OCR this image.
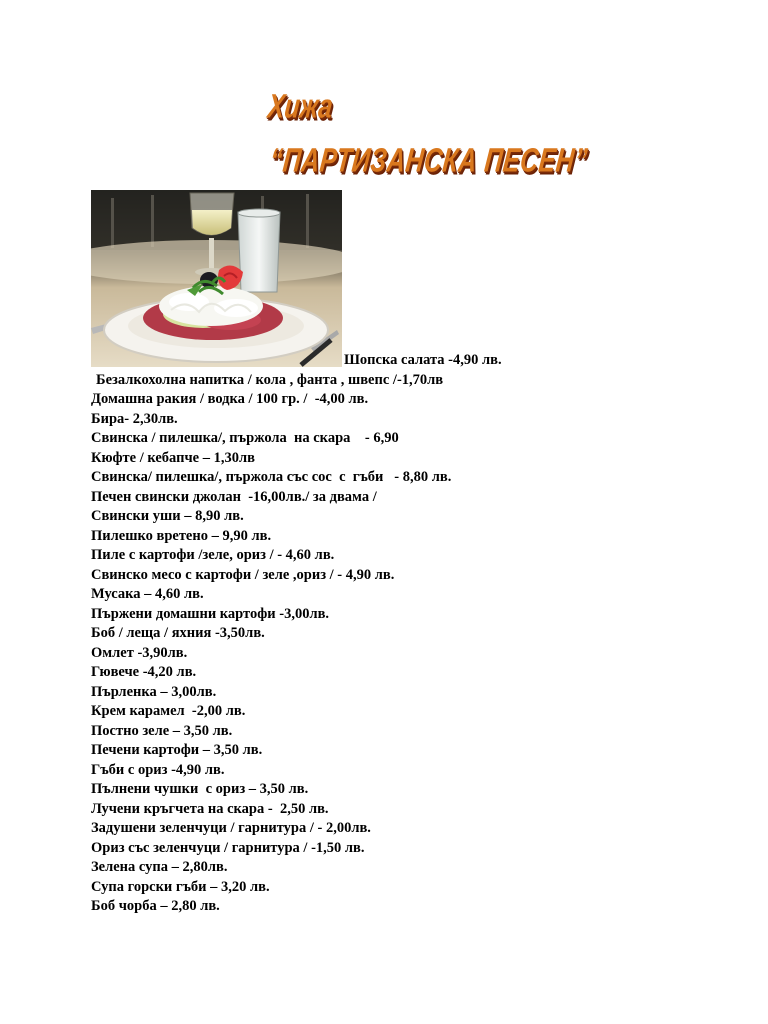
Хижа
“ПАРТИЗАНСКА ПЕСЕН”
Шопска салата -4,90 лв.
Безалкохолна напитка / кола , фанта , швепс /-1,70лв
Домашна ракия / водка / 100 гр. /  -4,00 лв.
Бира- 2,30лв.
Свинска / пилешка/, пържола  на скара    - 6,90
Кюфте / кебапче – 1,30лв
Свинска/ пилешка/, пържола със сос  с  гъби   - 8,80 лв.
Печен свински джолан  -16,00лв./ за двама /
Свински уши – 8,90 лв.
Пилешко вретено – 9,90 лв.
Пиле с картофи /зеле, ориз / - 4,60 лв.
Свинско месо с картофи / зеле ,ориз / - 4,90 лв.
Мусака – 4,60 лв.
Пържени домашни картофи -3,00лв.
Боб / леща / яхния -3,50лв.
Омлет -3,90лв.
Гювече -4,20 лв.
Пърленка – 3,00лв.
Крем карамел  -2,00 лв.
Постно зеле – 3,50 лв.
Печени картофи – 3,50 лв.
Гъби с ориз -4,90 лв.
Пълнени чушки  с ориз – 3,50 лв.
Лучени кръгчета на скара -  2,50 лв.
Задушени зеленчуци / гарнитура / - 2,00лв.
Ориз със зеленчуци / гарнитура / -1,50 лв.
Зелена супа – 2,80лв.
Супа горски гъби – 3,20 лв.
Боб чорба – 2,80 лв.
